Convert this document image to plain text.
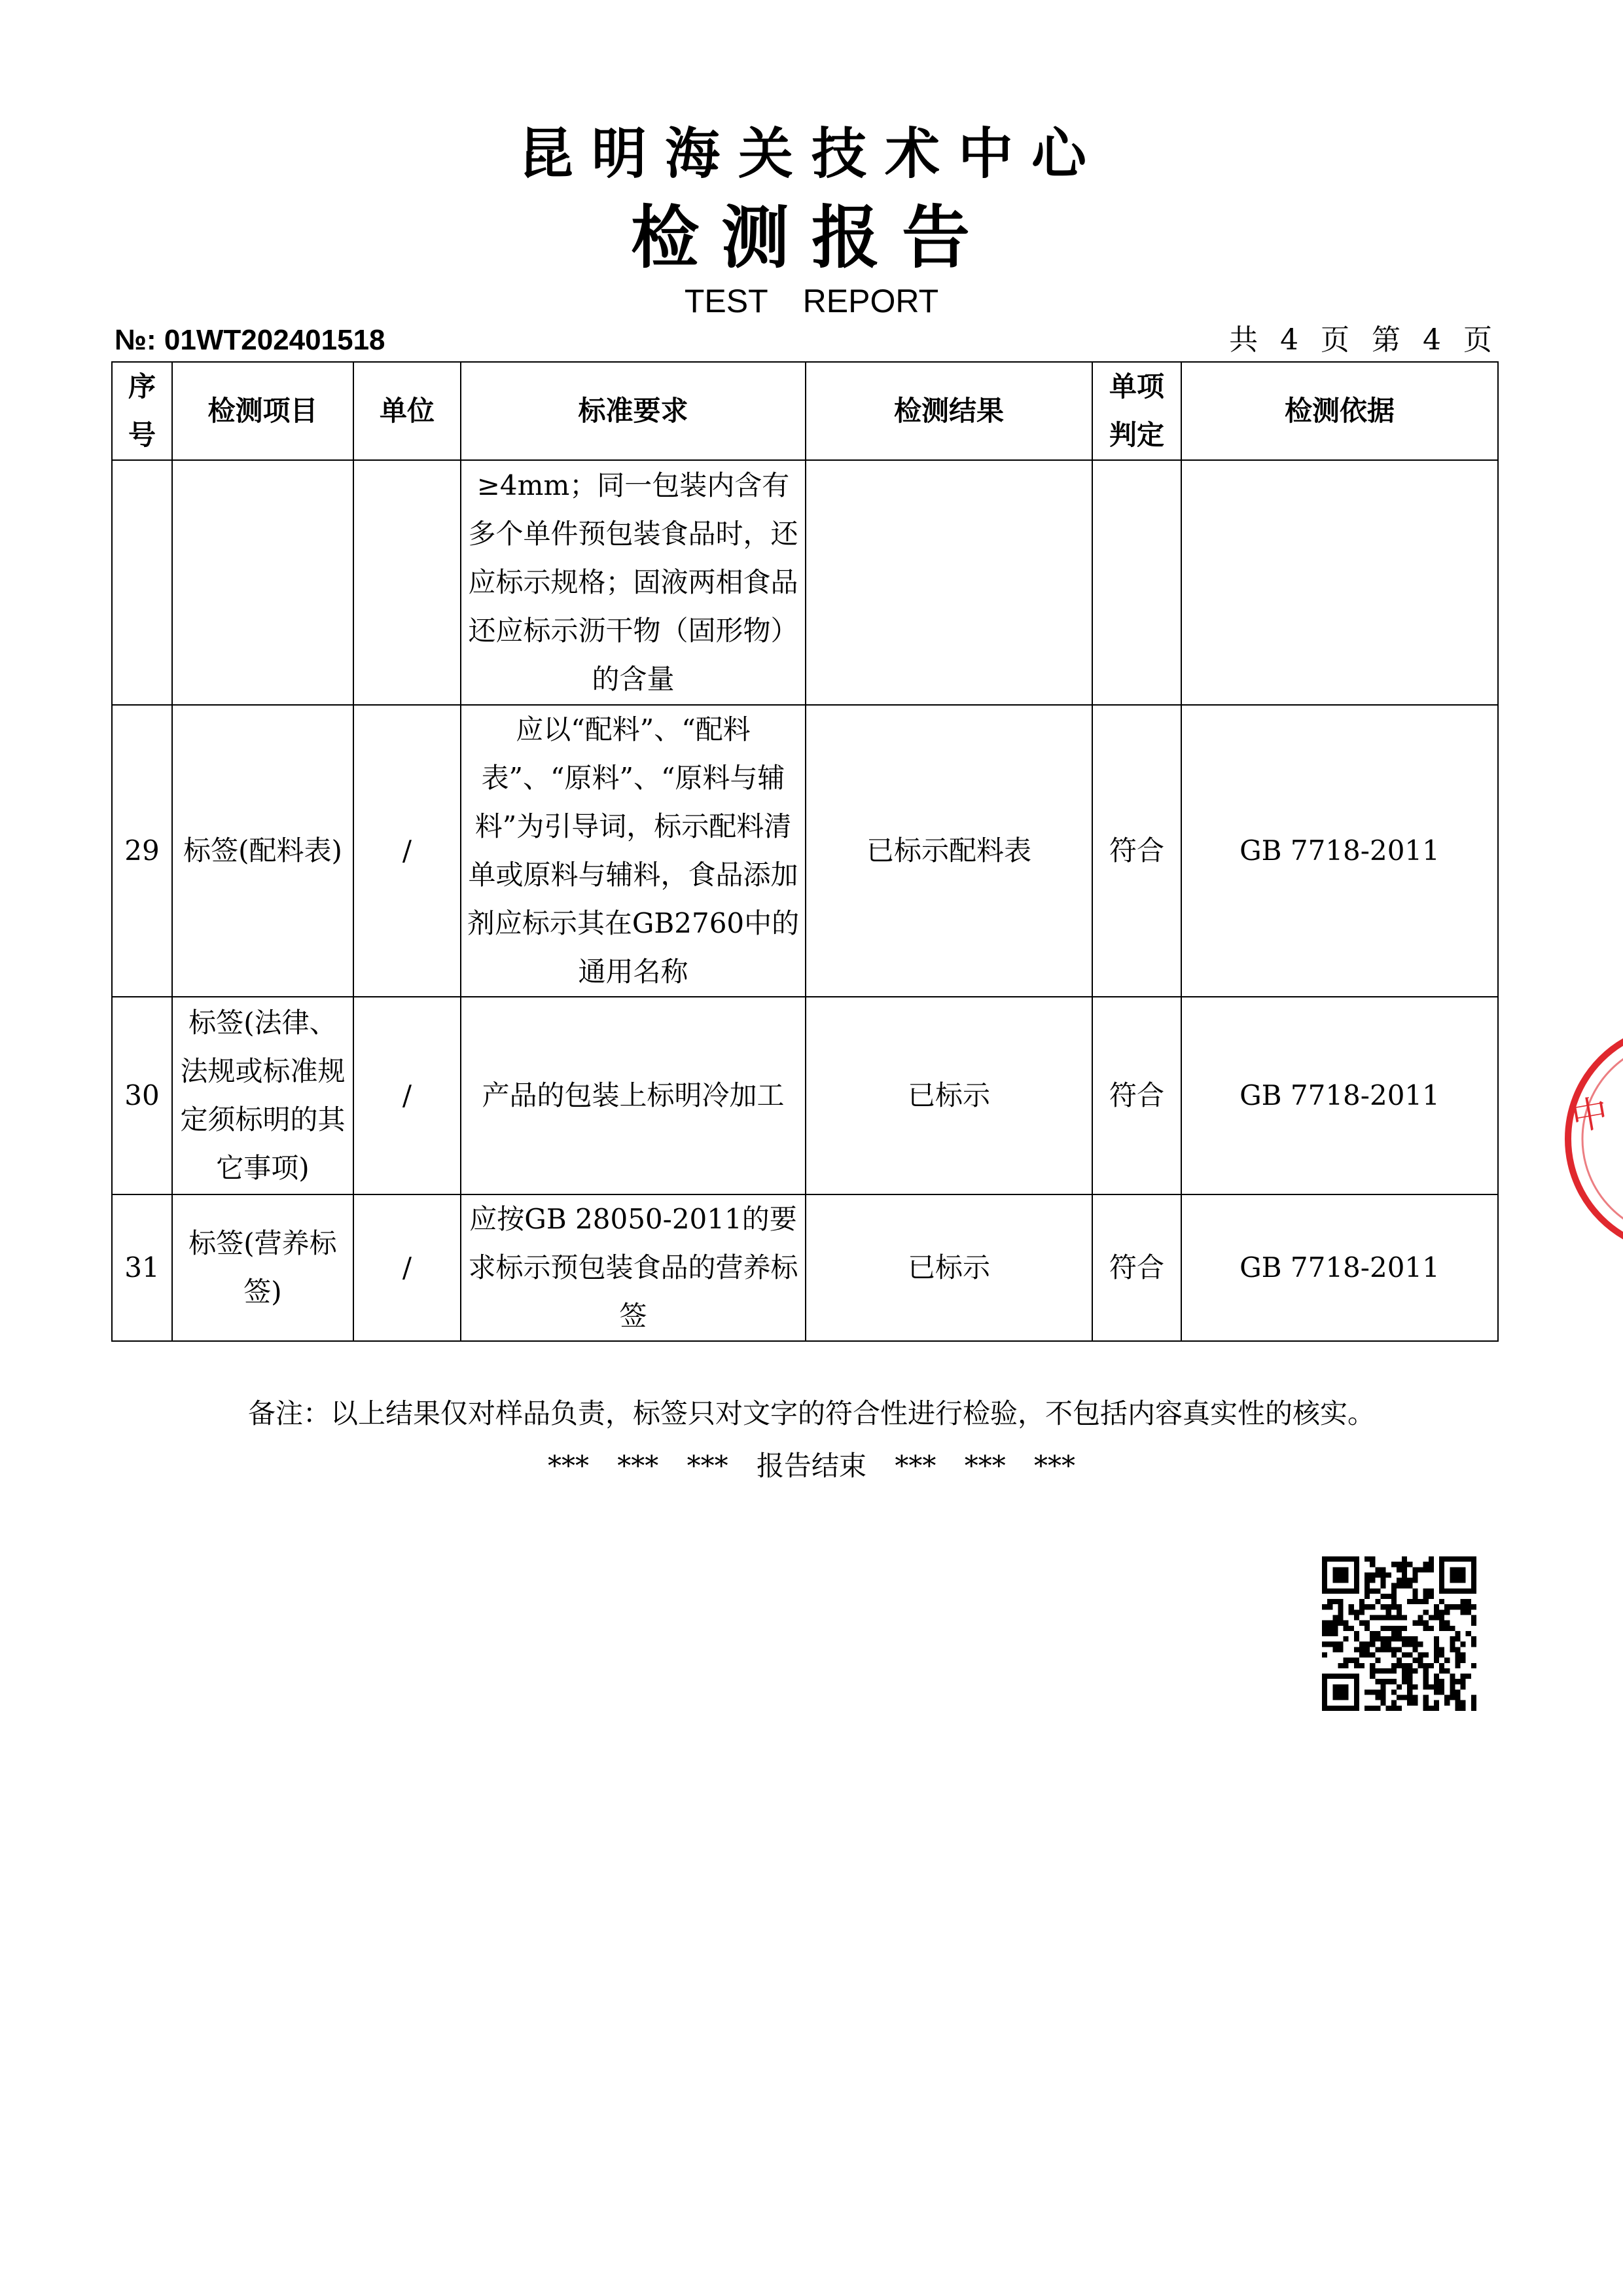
昆明海关技术中心
检测报告
TEST REPORT
№: 01WT202401518	共 4 页 第 4 页
序号	检测项目	单位	标准要求	检测结果	单项判定	检测依据
			≥4mm；同一包装内含有多个单件预包装食品时，还应标示规格；固液两相食品还应标示沥干物（固形物）的含量			
29	标签(配料表)	/	应以“配料”、“配料表”、“原料”、“原料与辅料”为引导词，标示配料清单或原料与辅料，食品添加剂应标示其在GB2760中的通用名称	已标示配料表	符合	GB 7718-2011
30	标签(法律、法规或标准规定须标明的其它事项)	/	产品的包装上标明冷加工	已标示	符合	GB 7718-2011
31	标签(营养标签)	/	应按GB 28050-2011的要求标示预包装食品的营养标签	已标示	符合	GB 7718-2011
备注：以上结果仅对样品负责，标签只对文字的符合性进行检验，不包括内容真实性的核实。
*** *** *** 报告结束 *** *** ***
中
